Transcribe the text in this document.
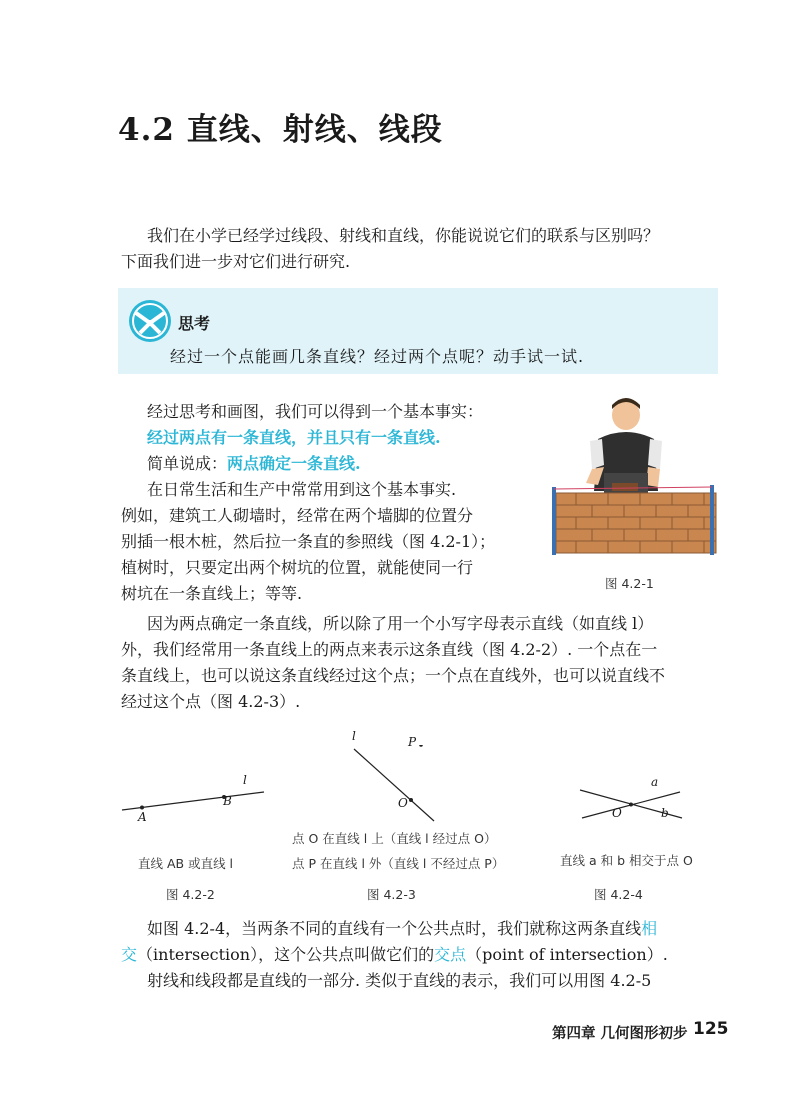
4.2 直线、射线、线段
我们在小学已经学过线段、射线和直线，你能说说它们的联系与区别吗？
下面我们进一步对它们进行研究.
思考
经过一个点能画几条直线？经过两个点呢？动手试一试.
经过思考和画图，我们可以得到一个基本事实：
经过两点有一条直线，并且只有一条直线.
简单说成：两点确定一条直线.
在日常生活和生产中常常用到这个基本事实.
例如，建筑工人砌墙时，经常在两个墙脚的位置分
别插一根木桩，然后拉一条直的参照线（图 4.2-1）；
植树时，只要定出两个树坑的位置，就能使同一行
树坑在一条直线上；等等.
图 4.2-1
因为两点确定一条直线，所以除了用一个小写字母表示直线（如直线 l）
外，我们经常用一条直线上的两点来表示这条直线（图 4.2-2）. 一个点在一
条直线上，也可以说这条直线经过这个点；一个点在直线外，也可以说直线不
经过这个点（图 4.2-3）.
l
A
B
直线 AB 或直线 l
图 4.2-2
l	P
O
点 O 在直线 l 上（直线 l 经过点 O）
点 P 在直线 l 外（直线 l 不经过点 P）
图 4.2-3
a
b
O
直线 a 和 b 相交于点 O
图 4.2-4
如图 4.2-4，当两条不同的直线有一个公共点时，我们就称这两条直线相
交（intersection），这个公共点叫做它们的交点（point of intersection）.
射线和线段都是直线的一部分. 类似于直线的表示，我们可以用图 4.2-5
第四章 几何图形初步 125
